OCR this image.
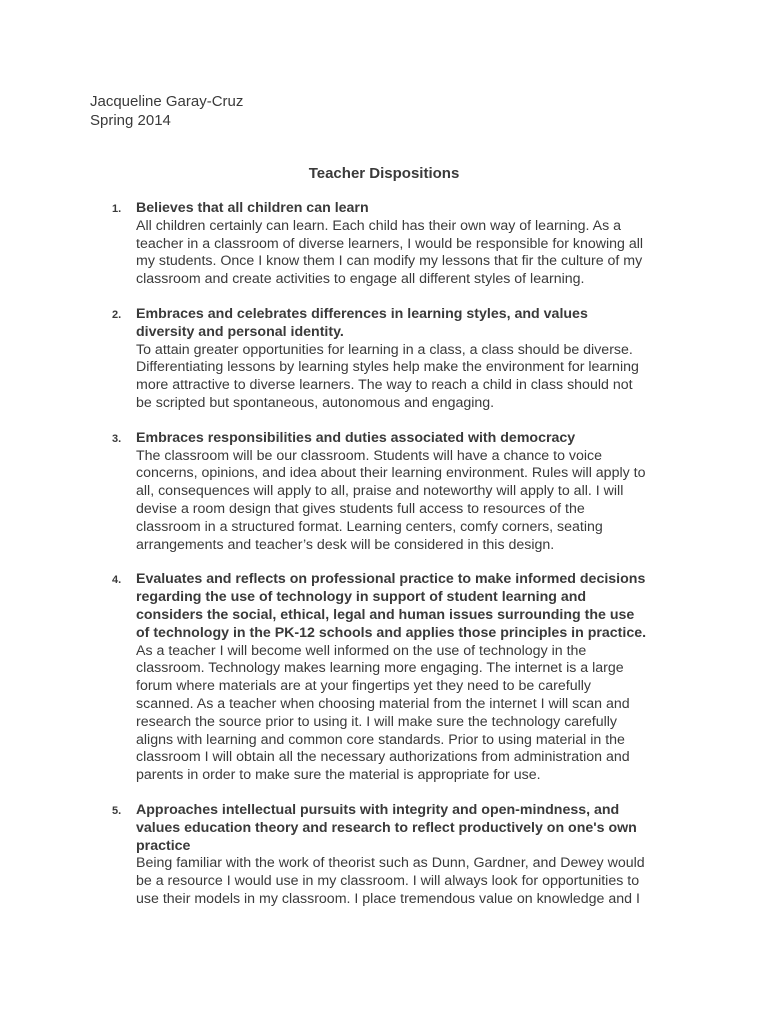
Jacqueline Garay-Cruz
Spring 2014
Teacher Dispositions
1. Believes that all children can learn
All children certainly can learn. Each child has their own way of learning. As a
teacher in a classroom of diverse learners, I would be responsible for knowing all
my students. Once I know them I can modify my lessons that fir the culture of my
classroom and create activities to engage all different styles of learning.
2. Embraces and celebrates differences in learning styles, and values
diversity and personal identity.
To attain greater opportunities for learning in a class, a class should be diverse.
Differentiating lessons by learning styles help make the environment for learning
more attractive to diverse learners. The way to reach a child in class should not
be scripted but spontaneous, autonomous and engaging.
3. Embraces responsibilities and duties associated with democracy
The classroom will be our classroom. Students will have a chance to voice
concerns, opinions, and idea about their learning environment. Rules will apply to
all, consequences will apply to all, praise and noteworthy will apply to all. I will
devise a room design that gives students full access to resources of the
classroom in a structured format. Learning centers, comfy corners, seating
arrangements and teacher’s desk will be considered in this design.
4. Evaluates and reflects on professional practice to make informed decisions
regarding the use of technology in support of student learning and
considers the social, ethical, legal and human issues surrounding the use
of technology in the PK-12 schools and applies those principles in practice.
As a teacher I will become well informed on the use of technology in the
classroom. Technology makes learning more engaging. The internet is a large
forum where materials are at your fingertips yet they need to be carefully
scanned. As a teacher when choosing material from the internet I will scan and
research the source prior to using it. I will make sure the technology carefully
aligns with learning and common core standards. Prior to using material in the
classroom I will obtain all the necessary authorizations from administration and
parents in order to make sure the material is appropriate for use.
5. Approaches intellectual pursuits with integrity and open-mindness, and
values education theory and research to reflect productively on one's own
practice
Being familiar with the work of theorist such as Dunn, Gardner, and Dewey would
be a resource I would use in my classroom. I will always look for opportunities to
use their models in my classroom. I place tremendous value on knowledge and I
